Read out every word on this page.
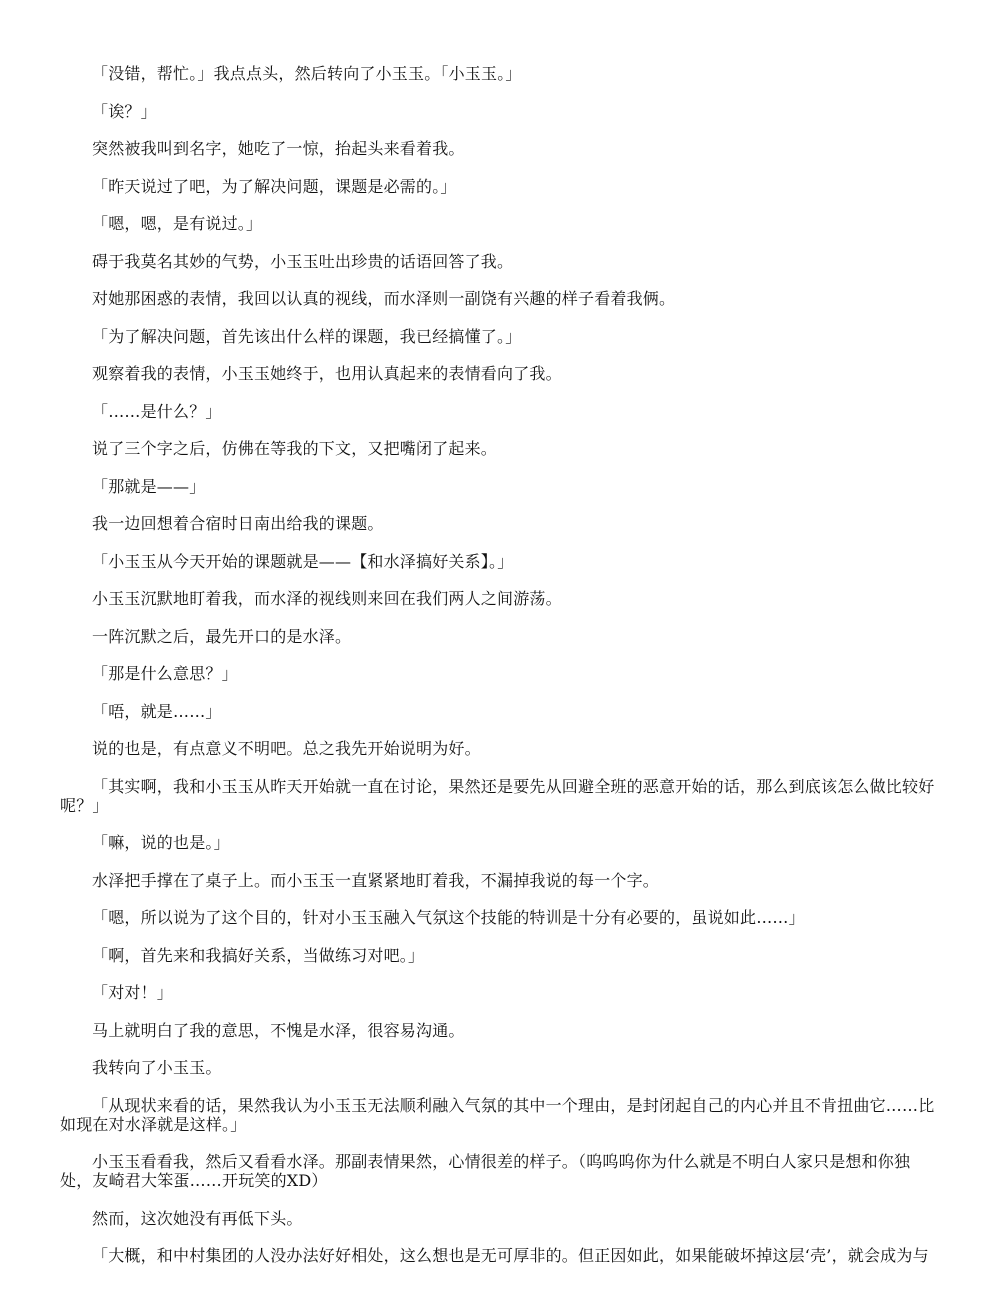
「没错，帮忙。」我点点头，然后转向了小玉玉。「小玉玉。」

「诶？」

突然被我叫到名字，她吃了一惊，抬起头来看着我。

「昨天说过了吧，为了解决问题，课题是必需的。」

「嗯，嗯，是有说过。」

碍于我莫名其妙的气势，小玉玉吐出珍贵的话语回答了我。

对她那困惑的表情，我回以认真的视线，而水泽则一副饶有兴趣的样子看着我俩。

「为了解决问题，首先该出什么样的课题，我已经搞懂了。」

观察着我的表情，小玉玉她终于，也用认真起来的表情看向了我。

「……是什么？」

说了三个字之后，仿佛在等我的下文，又把嘴闭了起来。

「那就是——」

我一边回想着合宿时日南出给我的课题。

「小玉玉从今天开始的课题就是——【和水泽搞好关系】。」

小玉玉沉默地盯着我，而水泽的视线则来回在我们两人之间游荡。

一阵沉默之后，最先开口的是水泽。

「那是什么意思？」

「唔，就是……」

说的也是，有点意义不明吧。总之我先开始说明为好。

「其实啊，我和小玉玉从昨天开始就一直在讨论，果然还是要先从回避全班的恶意开始的话，那么到底该怎么做比较好呢？」

「嘛，说的也是。」

水泽把手撑在了桌子上。而小玉玉一直紧紧地盯着我，不漏掉我说的每一个字。

「嗯，所以说为了这个目的，针对小玉玉融入气氛这个技能的特训是十分有必要的，虽说如此……」

「啊，首先来和我搞好关系，当做练习对吧。」

「对对！」

马上就明白了我的意思，不愧是水泽，很容易沟通。

我转向了小玉玉。

「从现状来看的话，果然我认为小玉玉无法顺利融入气氛的其中一个理由，是封闭起自己的内心并且不肯扭曲它……比如现在对水泽就是这样。」

小玉玉看看我，然后又看看水泽。那副表情果然，心情很差的样子。（呜呜呜你为什么就是不明白人家只是想和你独处，友崎君大笨蛋……开玩笑的XD）

然而，这次她没有再低下头。

「大概，和中村集团的人没办法好好相处，这么想也是无可厚非的。但正因如此，如果能破坏掉这层‘壳’，就会成为与
